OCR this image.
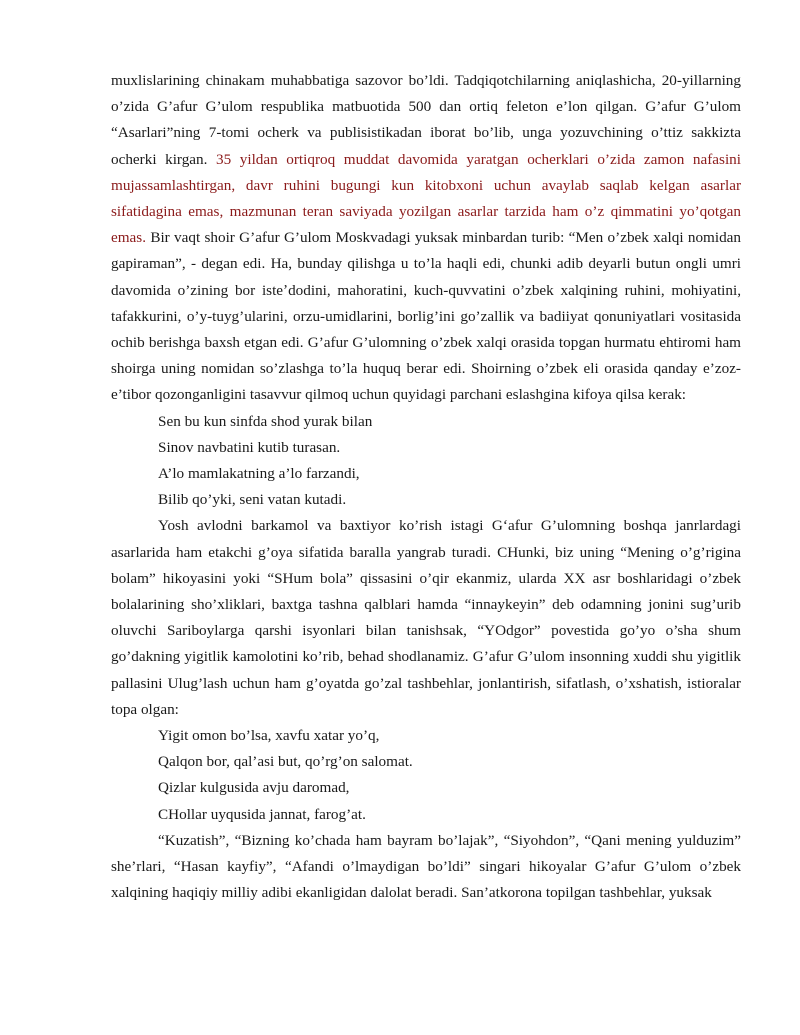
muxlislarining chinakam muhabbatiga sazovor bo’ldi. Tadqiqotchilarning aniqlashicha, 20-yillarning o’zida G’afur G’ulom respublika matbuotida 500 dan ortiq feleton e’lon qilgan. G’afur G’ulom “Asarlari”ning 7-tomi ocherk va publisistikadan iborat bo’lib, unga yozuvchining o’ttiz sakkizta ocherki kirgan. 35 yildan ortiqroq muddat davomida yaratgan ocherklari o’zida zamon nafasini mujassamlashtirgan, davr ruhini bugungi kun kitobxoni uchun avaylab saqlab kelgan asarlar sifatidagina emas, mazmunan teran saviyada yozilgan asarlar tarzida ham o’z qimmatini yo’qotgan emas. Bir vaqt shoir G’afur G’ulom Moskvadagi yuksak minbardan turib: “Men o’zbek xalqi nomidan gapiraman”, - degan edi. Ha, bunday qilishga u to’la haqli edi, chunki adib deyarli butun ongli umri davomida o’zining bor isteʼdodini, mahoratini, kuch-quvvatini o’zbek xalqining ruhini, mohiyatini, tafakkurini, o’y-tuyg’ularini, orzu-umidlarini, borlig’ini go’zallik va badiiyat qonuniyatlari vositasida ochib berishga baxsh etgan edi. G’afur G’ulomning o’zbek xalqi orasida topgan hurmatu ehtiromi ham shoirga uning nomidan so’zlashga to’la huquq berar edi. Shoirning o’zbek eli orasida qanday e’zoz-e’tibor qozonganligini tasavvur qilmoq uchun quyidagi parchani eslashgina kifoya qilsa kerak:

Sen bu kun sinfda shod yurak bilan

Sinov navbatini kutib turasan.

A’lo mamlakatning a’lo farzandi,

Bilib qo’yki, seni vatan kutadi.

Yosh avlodni barkamol va baxtiyor ko’rish istagi G‘afur G’ulomning boshqa janrlardagi asarlarida ham etakchi g’oya sifatida baralla yangrab turadi. CHunki, biz uning “Mening o’g’rigina bolam” hikoyasini yoki “SHum bola” qissasini o’qir ekanmiz, ularda XX asr boshlaridagi o’zbek bolalarining sho’xliklari, baxtga tashna qalblari hamda “innaykeyin” deb odamning jonini sug’urib oluvchi Sariboylarga qarshi isyonlari bilan tanishsak, “YOdgor” povestida go’yo o’sha shum go’dakning yigitlik kamolotini ko’rib, behad shodlanamiz. G’afur G’ulom insonning xuddi shu yigitlik pallasini Ulug’lash uchun ham g’oyatda go’zal tashbehlar, jonlantirish, sifatlash, o’xshatish, istioralar topa olgan:

Yigit omon bo’lsa, xavfu xatar yo’q,

Qalqon bor, qal’asi but, qo’rg’on salomat.

Qizlar kulgusida avju daromad,

CHollar uyqusida jannat, farog’at.

“Kuzatish”, “Bizning ko’chada ham bayram bo’lajak”, “Siyohdon”, “Qani mening yulduzim” she’rlari, “Hasan kayfiy”, “Afandi o’lmaydigan bo’ldi” singari hikoyalar G’afur G’ulom o’zbek xalqining haqiqiy milliy adibi ekanligidan dalolat beradi. San’atkorona topilgan tashbehlar, yuksak
